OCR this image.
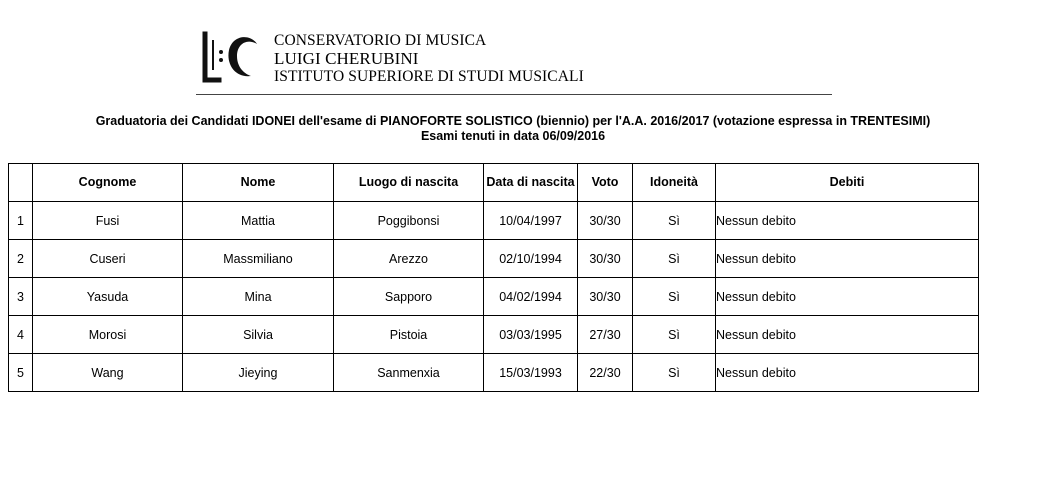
CONSERVATORIO DI MUSICA
LUIGI CHERUBINI
ISTITUTO SUPERIORE DI STUDI MUSICALI
Graduatoria dei Candidati IDONEI dell'esame di PIANOFORTE SOLISTICO (biennio) per l'A.A. 2016/2017 (votazione espressa in TRENTESIMI)
Esami tenuti in data 06/09/2016
	Cognome	Nome	Luogo di nascita	Data di nascita	Voto	Idoneità	Debiti
1	Fusi	Mattia	Poggibonsi	10/04/1997	30/30	Sì	Nessun debito
2	Cuseri	Massmiliano	Arezzo	02/10/1994	30/30	Sì	Nessun debito
3	Yasuda	Mina	Sapporo	04/02/1994	30/30	Sì	Nessun debito
4	Morosi	Silvia	Pistoia	03/03/1995	27/30	Sì	Nessun debito
5	Wang	Jieying	Sanmenxia	15/03/1993	22/30	Sì	Nessun debito
